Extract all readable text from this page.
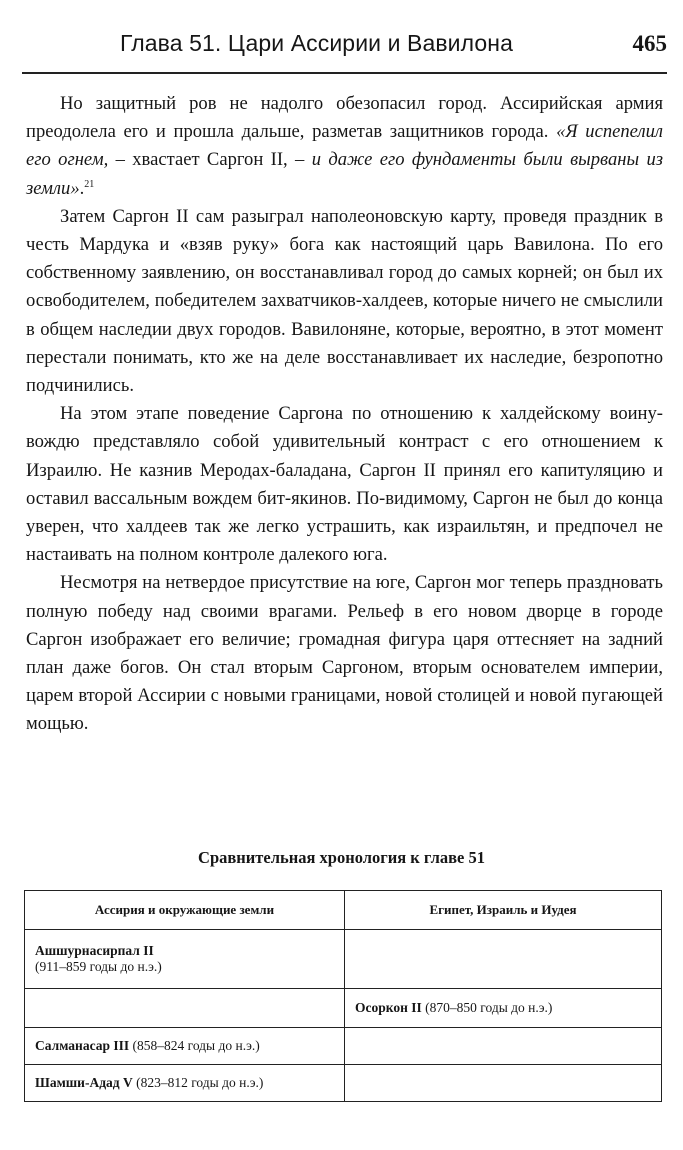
Глава 51. Цари Ассирии и Вавилона	465

Но защитный ров не надолго обезопасил город. Ассирийская армия преодолела его и прошла дальше, разметав защитников города. «Я испепелил его огнем, – хвастает Саргон II, – и даже его фундаменты были вырваны из земли».$^{21}$

Затем Саргон II сам разыграл наполеоновскую карту, проведя праздник в честь Мардука и «взяв руку» бога как настоящий царь Вавилона. По его собственному заявлению, он восстанавливал город до самых корней; он был их освободителем, победителем захватчиков-халдеев, которые ничего не смыслили в общем наследии двух городов. Вавилоняне, которые, вероятно, в этот момент перестали понимать, кто же на деле восстанавливает их наследие, безропотно подчинились.

На этом этапе поведение Саргона по отношению к халдейскому воину-вождю представляло собой удивительный контраст с его отношением к Израилю. Не казнив Меродах-баладана, Саргон II принял его капитуляцию и оставил вассальным вождем бит-якинов. По-видимому, Саргон не был до конца уверен, что халдеев так же легко устрашить, как израильтян, и предпочел не настаивать на полном контроле далекого юга.

Несмотря на нетвердое присутствие на юге, Саргон мог теперь праздновать полную победу над своими врагами. Рельеф в его новом дворце в городе Саргон изображает его величие; громадная фигура царя оттесняет на задний план даже богов. Он стал вторым Саргоном, вторым основателем империи, царем второй Ассирии с новыми границами, новой столицей и новой пугающей мощью.

Сравнительная хронология к главе 51
Ассирия и окружающие земли	Египет, Израиль и Иудея
Ашшурнасирпал II
(911–859 годы до н.э.)	
	Осоркон II (870–850 годы до н.э.)
Салманасар III (858–824 годы до н.э.)	
Шамши-Адад V (823–812 годы до н.э.)	
